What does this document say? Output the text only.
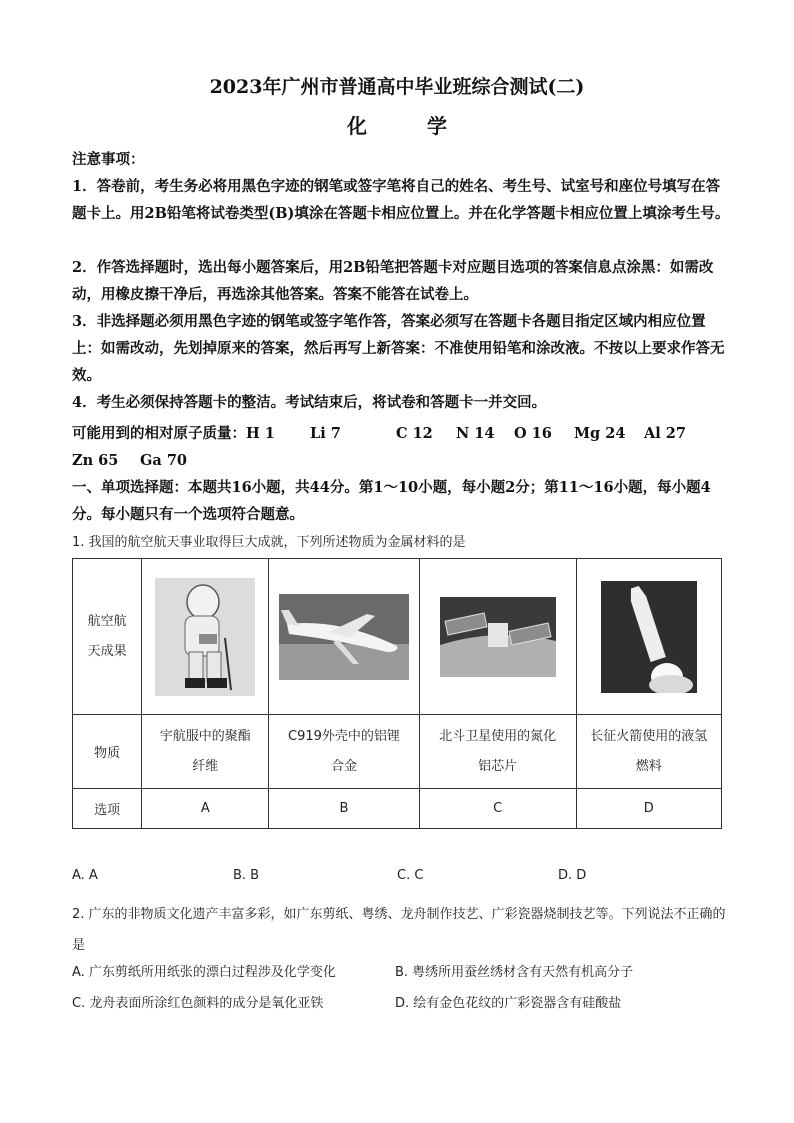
2023年广州市普通高中毕业班综合测试(二)
化	学
注意事项：
1．答卷前，考生务必将用黑色字迹的钢笔或签字笔将自己的姓名、考生号、试室号和座位号填写在答题卡上。用2B铅笔将试卷类型(B)填涂在答题卡相应位置上。并在化学答题卡相应位置上填涂考生号。
2．作答选择题时，选出每小题答案后，用2B铅笔把答题卡对应题目选项的答案信息点涂黑：如需改动，用橡皮擦干净后，再选涂其他答案。答案不能答在试卷上。
3．非选择题必须用黑色字迹的钢笔或签字笔作答，答案必须写在答题卡各题目指定区域内相应位置上：如需改动，先划掉原来的答案，然后再写上新答案：不准使用铅笔和涂改液。不按以上要求作答无效。
4．考生必须保持答题卡的整洁。考试结束后，将试卷和答题卡一并交回。
可能用到的相对原子质量：H 1 Li 7	C 12 N 14 O 16 Mg 24 Al 27
Zn 65 Ga 70
一、单项选择题：本题共16小题，共44分。第1～10小题，每小题2分；第11～16小题，每小题4分。每小题只有一个选项符合题意。
1. 我国的航空航天事业取得巨大成就，下列所述物质为金属材料的是
航空航天成果

物质	宇航服中的聚酯纤维	C919外壳中的铝锂合金	北斗卫星使用的氮化铝芯片	长征火箭使用的液氢燃料

选项	A	B	C	D
A. A	B. B	C. C	D. D
2. 广东的非物质文化遗产丰富多彩，如广东剪纸、粤绣、龙舟制作技艺、广彩瓷器烧制技艺等。下列说法不正确的是
A. 广东剪纸所用纸张的漂白过程涉及化学变化	B. 粤绣所用蚕丝绣材含有天然有机高分子
C. 龙舟表面所涂红色颜料的成分是氧化亚铁	D. 绘有金色花纹的广彩瓷器含有硅酸盐
